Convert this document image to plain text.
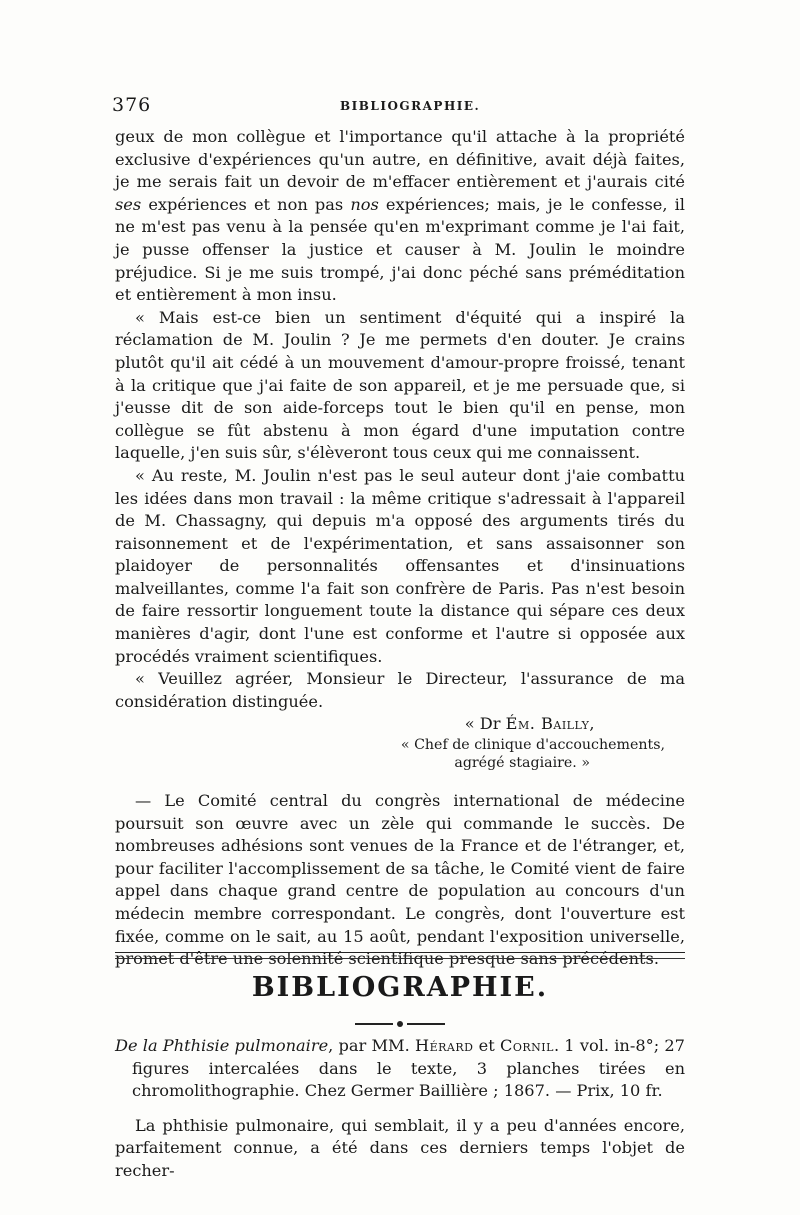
376	BIBLIOGRAPHIE.

geux de mon collègue et l'importance qu'il attache à la propriété exclusive d'expériences qu'un autre, en définitive, avait déjà faites, je me serais fait un devoir de m'effacer entièrement et j'aurais cité ses expériences et non pas nos expériences; mais, je le confesse, il ne m'est pas venu à la pensée qu'en m'exprimant comme je l'ai fait, je pusse offenser la justice et causer à M. Joulin le moindre préjudice. Si je me suis trompé, j'ai donc péché sans préméditation et entièrement à mon insu.

« Mais est-ce bien un sentiment d'équité qui a inspiré la réclamation de M. Joulin ? Je me permets d'en douter. Je crains plutôt qu'il ait cédé à un mouvement d'amour-propre froissé, tenant à la critique que j'ai faite de son appareil, et je me persuade que, si j'eusse dit de son aide-forceps tout le bien qu'il en pense, mon collègue se fût abstenu à mon égard d'une imputation contre laquelle, j'en suis sûr, s'élèveront tous ceux qui me connaissent.

« Au reste, M. Joulin n'est pas le seul auteur dont j'aie combattu les idées dans mon travail : la même critique s'adressait à l'appareil de M. Chassagny, qui depuis m'a opposé des arguments tirés du raisonnement et de l'expérimentation, et sans assaisonner son plaidoyer de personnalités offensantes et d'insinuations malveillantes, comme l'a fait son confrère de Paris. Pas n'est besoin de faire ressortir longuement toute la distance qui sépare ces deux manières d'agir, dont l'une est conforme et l'autre si opposée aux procédés vraiment scientifiques.

« Veuillez agréer, Monsieur le Directeur, l'assurance de ma considération distinguée.

« Dr Ém. Bailly,

« Chef de clinique d'accouchements,

agrégé stagiaire. »

— Le Comité central du congrès international de médecine poursuit son œuvre avec un zèle qui commande le succès. De nombreuses adhésions sont venues de la France et de l'étranger, et, pour faciliter l'accomplissement de sa tâche, le Comité vient de faire appel dans chaque grand centre de population au concours d'un médecin membre correspondant. Le congrès, dont l'ouverture est fixée, comme on le sait, au 15 août, pendant l'exposition universelle, promet d'être une solennité scientifique presque sans précédents.

BIBLIOGRAPHIE.

De la Phthisie pulmonaire, par MM. Hérard et Cornil. 1 vol. in-8°; 27 figures intercalées dans le texte, 3 planches tirées en chromolithographie. Chez Germer Baillière ; 1867. — Prix, 10 fr.

La phthisie pulmonaire, qui semblait, il y a peu d'années encore, parfaitement connue, a été dans ces derniers temps l'objet de recher-
